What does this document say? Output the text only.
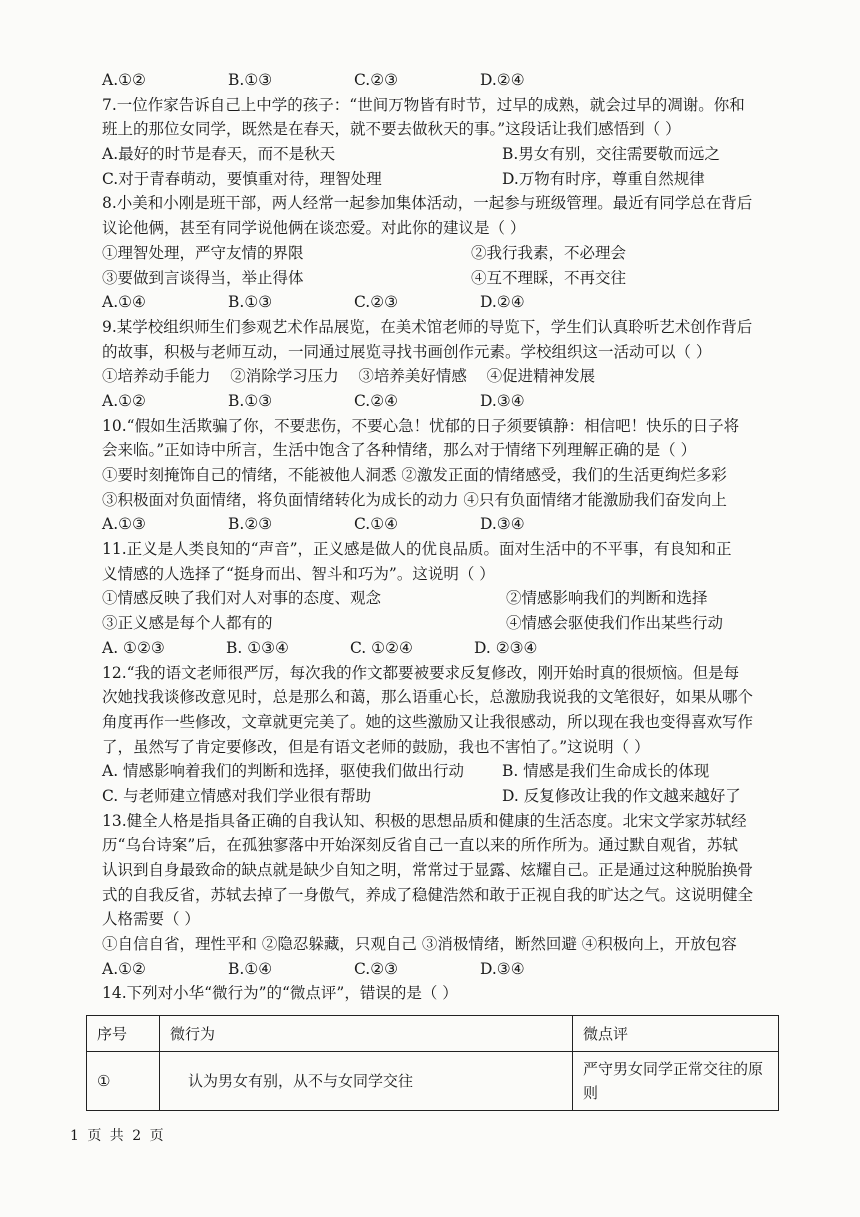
A.①②	B.①③	C.②③	D.②④
7.一位作家告诉自己上中学的孩子：“世间万物皆有时节，过早的成熟，就会过早的凋谢。你和
班上的那位女同学，既然是在春天，就不要去做秋天的事。”这段话让我们感悟到（ ）
A.最好的时节是春天，而不是秋天	B.男女有别，交往需要敬而远之
C.对于青春萌动，要慎重对待，理智处理	D.万物有时序，尊重自然规律
8.小美和小刚是班干部，两人经常一起参加集体活动，一起参与班级管理。最近有同学总在背后
议论他俩，甚至有同学说他俩在谈恋爱。对此你的建议是（ ）
①理智处理，严守友情的界限	②我行我素，不必理会
③要做到言谈得当，举止得体	④互不理睬，不再交往
A.①④	B.①③	C.②③	D.②④
9.某学校组织师生们参观艺术作品展览，在美术馆老师的导览下，学生们认真聆听艺术创作背后
的故事，积极与老师互动，一同通过展览寻找书画创作元素。学校组织这一活动可以（ ）
①培养动手能力    ②消除学习压力    ③培养美好情感    ④促进精神发展
A.①②	B.①③	C.②④	D.③④
10.“假如生活欺骗了你，不要悲伤，不要心急！忧郁的日子须要镇静：相信吧！快乐的日子将
会来临。”正如诗中所言，生活中饱含了各种情绪，那么对于情绪下列理解正确的是（ ）
①要时刻掩饰自己的情绪，不能被他人洞悉 ②激发正面的情绪感受，我们的生活更绚烂多彩
③积极面对负面情绪，将负面情绪转化为成长的动力 ④只有负面情绪才能激励我们奋发向上
A.①③	B.②③	C.①④	D.③④
11.正义是人类良知的“声音”，正义感是做人的优良品质。面对生活中的不平事，有良知和正
义情感的人选择了“挺身而出、智斗和巧为”。这说明（ ）
①情感反映了我们对人对事的态度、观念	②情感影响我们的判断和选择
③正义感是每个人都有的	④情感会驱使我们作出某些行动
A. ①②③	B. ①③④	C. ①②④	D. ②③④
12.“我的语文老师很严厉，每次我的作文都要被要求反复修改，刚开始时真的很烦恼。但是每
次她找我谈修改意见时，总是那么和蔼，那么语重心长，总激励我说我的文笔很好，如果从哪个
角度再作一些修改，文章就更完美了。她的这些激励又让我很感动，所以现在我也变得喜欢写作
了，虽然写了肯定要修改，但是有语文老师的鼓励，我也不害怕了。”这说明（ ）
A. 情感影响着我们的判断和选择，驱使我们做出行动	B. 情感是我们生命成长的体现
C. 与老师建立情感对我们学业很有帮助	D. 反复修改让我的作文越来越好了
13.健全人格是指具备正确的自我认知、积极的思想品质和健康的生活态度。北宋文学家苏轼经
历“乌台诗案”后，在孤独寥落中开始深刻反省自己一直以来的所作所为。通过默自观省，苏轼
认识到自身最致命的缺点就是缺少自知之明，常常过于显露、炫耀自己。正是通过这种脱胎换骨
式的自我反省，苏轼去掉了一身傲气，养成了稳健浩然和敢于正视自我的旷达之气。这说明健全
人格需要（ ）
①自信自省，理性平和 ②隐忍躲藏，只观自己 ③消极情绪，断然回避 ④积极向上，开放包容
A.①②	B.①④	C.②③	D.③④
14.下列对小华“微行为”的“微点评”，错误的是（ ）
序号	微行为	微点评
①	认为男女有别，从不与女同学交往	严守男女同学正常交往的原则
1 页 共 2 页
